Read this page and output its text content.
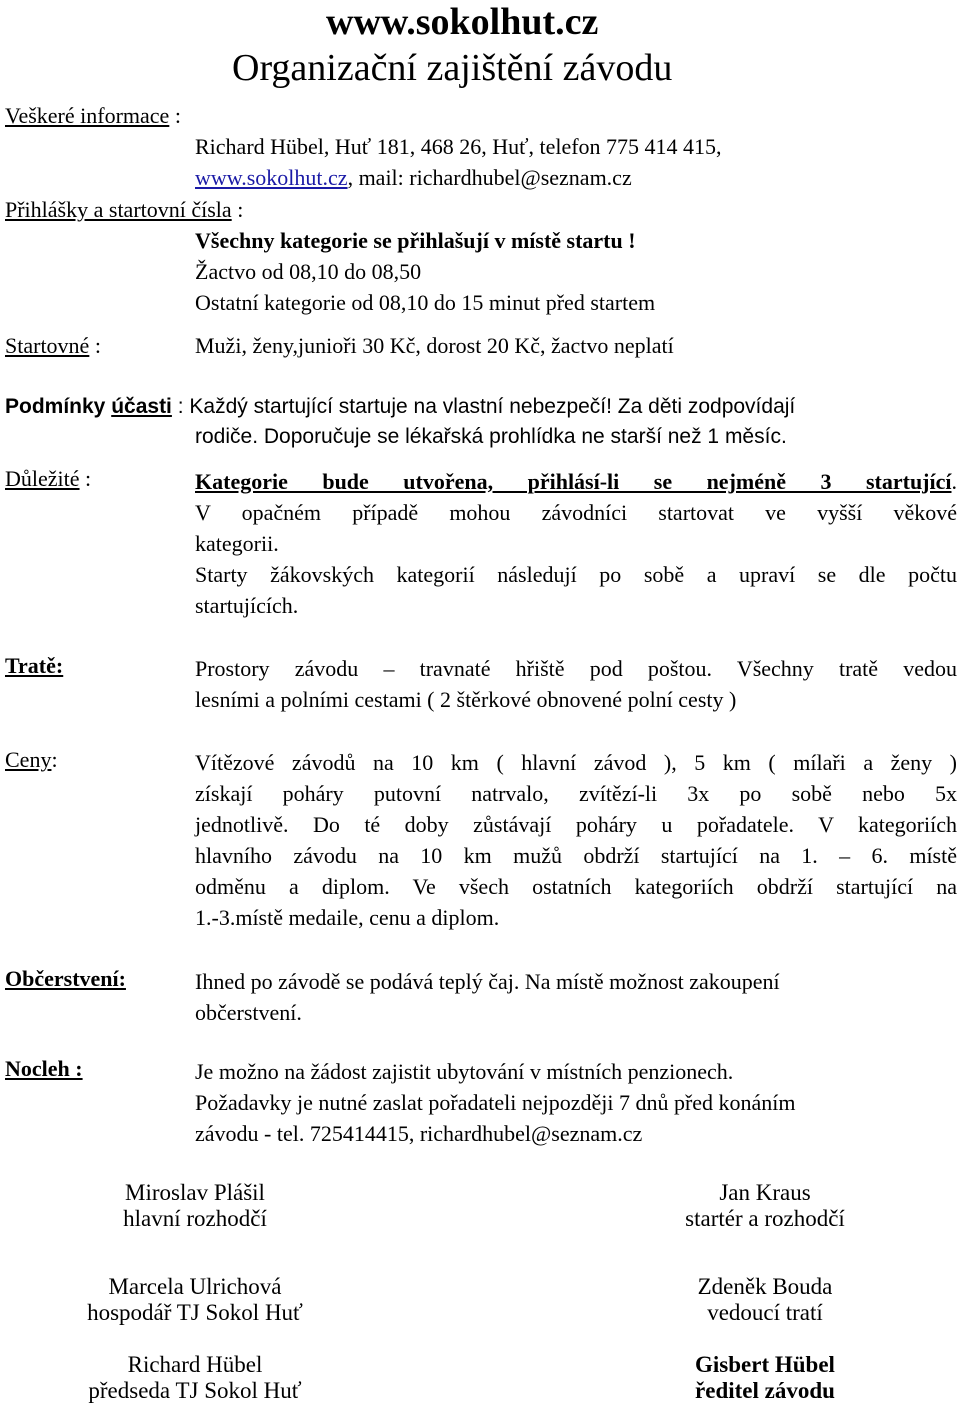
www.sokolhut.cz
Organizační zajištění závodu
Veškeré informace :
Richard Hübel, Huť 181, 468 26, Huť, telefon 775 414 415,
www.sokolhut.cz, mail: richardhubel@seznam.cz
Přihlášky a startovní čísla :
Všechny kategorie se přihlašují v místě startu !
Žactvo od 08,10 do 08,50
Ostatní kategorie od 08,10 do 15 minut před startem
Startovné :	Muži, ženy,junioři 30 Kč, dorost 20 Kč, žactvo neplatí
Podmínky účasti : Každý startující startuje na vlastní nebezpečí! Za děti zodpovídají
rodiče. Doporučuje se lékařská prohlídka ne starší než 1 měsíc.
Důležité :	Kategorie bude utvořena, přihlásí-li se nejméně 3 startující.
V opačném případě mohou závodníci startovat ve vyšší věkové
kategorii.
Starty žákovských kategorií následují po sobě a upraví se dle počtu
startujících.
Tratě:	Prostory závodu – travnaté hřiště pod poštou. Všechny tratě vedou
lesními a polními cestami ( 2 štěrkové obnovené polní cesty )
Ceny:	Vítězové závodů na 10 km ( hlavní závod ), 5 km ( mílaři a ženy )
získají poháry putovní natrvalo, zvítězí-li 3x po sobě nebo 5x
jednotlivě. Do té doby zůstávají poháry u pořadatele. V kategoriích
hlavního závodu na 10 km mužů obdrží startující na 1. – 6. místě
odměnu a diplom. Ve všech ostatních kategoriích obdrží startující na
1.-3.místě medaile, cenu a diplom.
Občerstvení:	Ihned po závodě se podává teplý čaj. Na místě možnost zakoupení
občerstvení.
Nocleh :	Je možno na žádost zajistit ubytování v místních penzionech.
Požadavky je nutné zaslat pořadateli nejpozději 7 dnů před konáním
závodu - tel. 725414415, richardhubel@seznam.cz
Miroslav Plášil
hlavní rozhodčí
Jan Kraus
startér a rozhodčí
Marcela Ulrichová
hospodář TJ Sokol Huť
Zdeněk Bouda
vedoucí tratí
Richard Hübel
předseda TJ Sokol Huť
Gisbert Hübel
ředitel závodu
